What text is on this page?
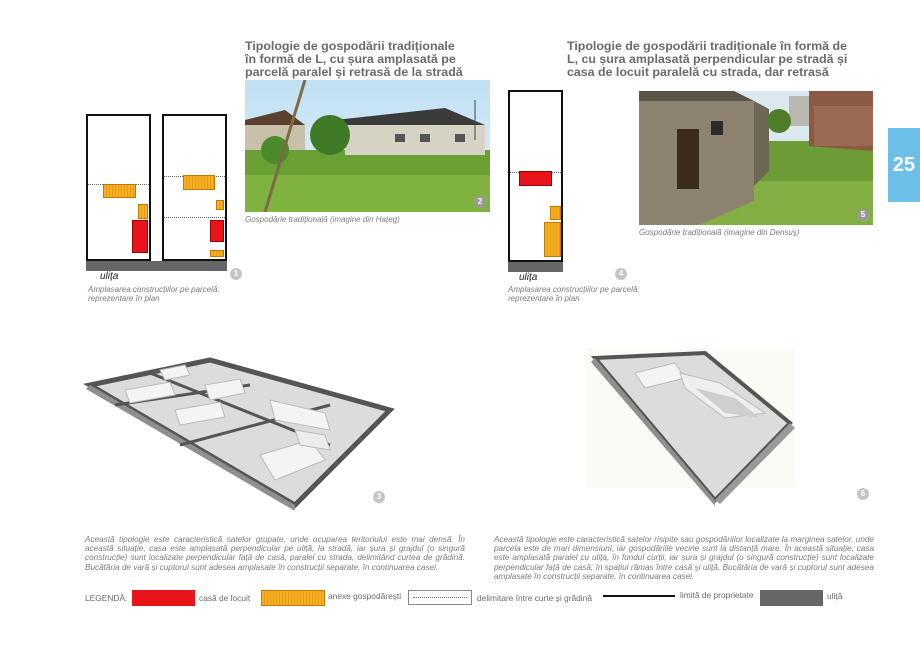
25
Tipologie de gospodării tradiționale
în formă de L, cu șura amplasată pe
parcelă paralel și retrasă de la stradă
Tipologie de gospodării tradiționale în formă de
L, cu șura amplasată perpendicular pe stradă și
casa de locuit paralelă cu strada, dar retrasă
ulița	1
Amplasarea construcțiilor pe parcelă: reprezentare în plan
2
Gospodărie tradițională (imagine din Hațeg)
ulița	4
Amplasarea construcțiilor pe parcelă: reprezentare în plan
5
Gospodărie tradițională (imagine din Densuș)
3	6
Această tipologie este caracteristică satelor grupate, unde ocuparea teritoriului este mai densă. În această situație, casa este amplasată perpendicular pe uliță, la stradă, iar șura și grajdul (o singură construcție) sunt localizate perpendicular față de casă, paralel cu strada, delimitând curtea de grădină. Bucătăria de vară și cuptorul sunt adesea amplasate în construcții separate, în continuarea casei.
Această tipologie este caracteristică satelor risipite sau gospodăriilor localizate la marginea satelor, unde parcela este de mari dimensiuni, iar gospodăriile vecine sunt la distanță mare. În această situație, casa este amplasată paralel cu ulița, în fundul curții, iar șura și grajdul (o singură construcție) sunt localizate perpendicular față de casă, în spațiul rămas între casă și uliță. Bucătăria de vară și cuptorul sunt adesea amplasate în construcții separate, în continuarea casei.
LEGENDĂ:	casă de locuit	anexe gospodărești	delimitare între curte și grădină	limită de proprietate	uliță
